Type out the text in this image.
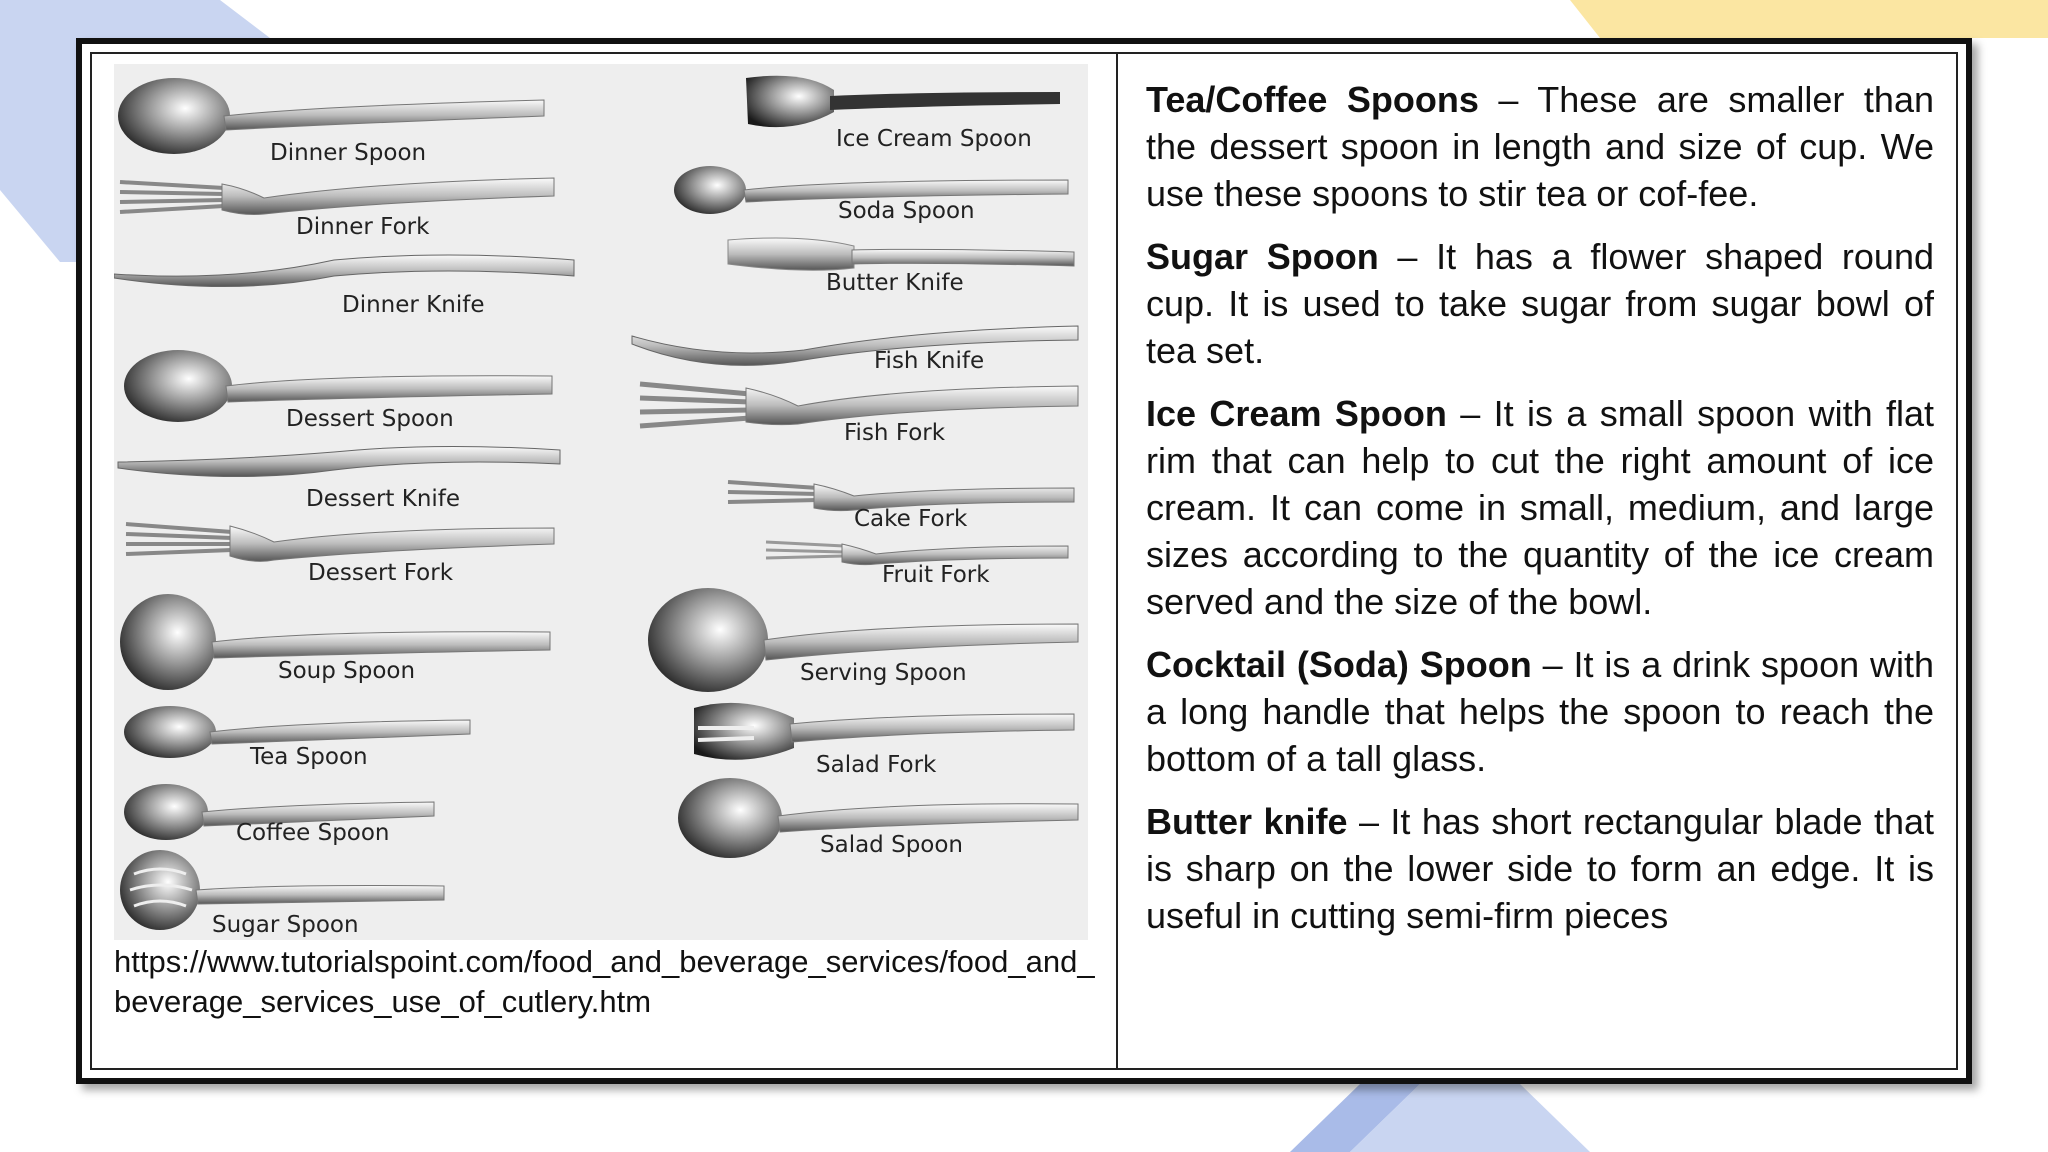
Dinner Spoon
Dinner Fork
Dinner Knife
Dessert Spoon
Dessert Knife
Dessert Fork
Soup Spoon
Tea Spoon
Coffee Spoon
Sugar Spoon
Ice Cream Spoon
Soda Spoon
Butter Knife
Fish Knife
Fish Fork
Cake Fork
Fruit Fork
Serving Spoon
Salad Fork
Salad Spoon
https://www.tutorialspoint.com/food_and_beverage_services/food_and_beverage_services_use_of_cutlery.htm

Tea/Coffee Spoons – These are smaller than the dessert spoon in length and size of cup. We use these spoons to stir tea or cof-fee.

Sugar Spoon – It has a flower shaped round cup. It is used to take sugar from sugar bowl of tea set.

Ice Cream Spoon – It is a small spoon with flat rim that can help to cut the right amount of ice cream. It can come in small, medium, and large sizes according to the quantity of the ice cream served and the size of the bowl.

Cocktail (Soda) Spoon – It is a drink spoon with a long handle that helps the spoon to reach the bottom of a tall glass.

Butter knife – It has short rectangular blade that is sharp on the lower side to form an edge. It is useful in cutting semi-firm pieces
